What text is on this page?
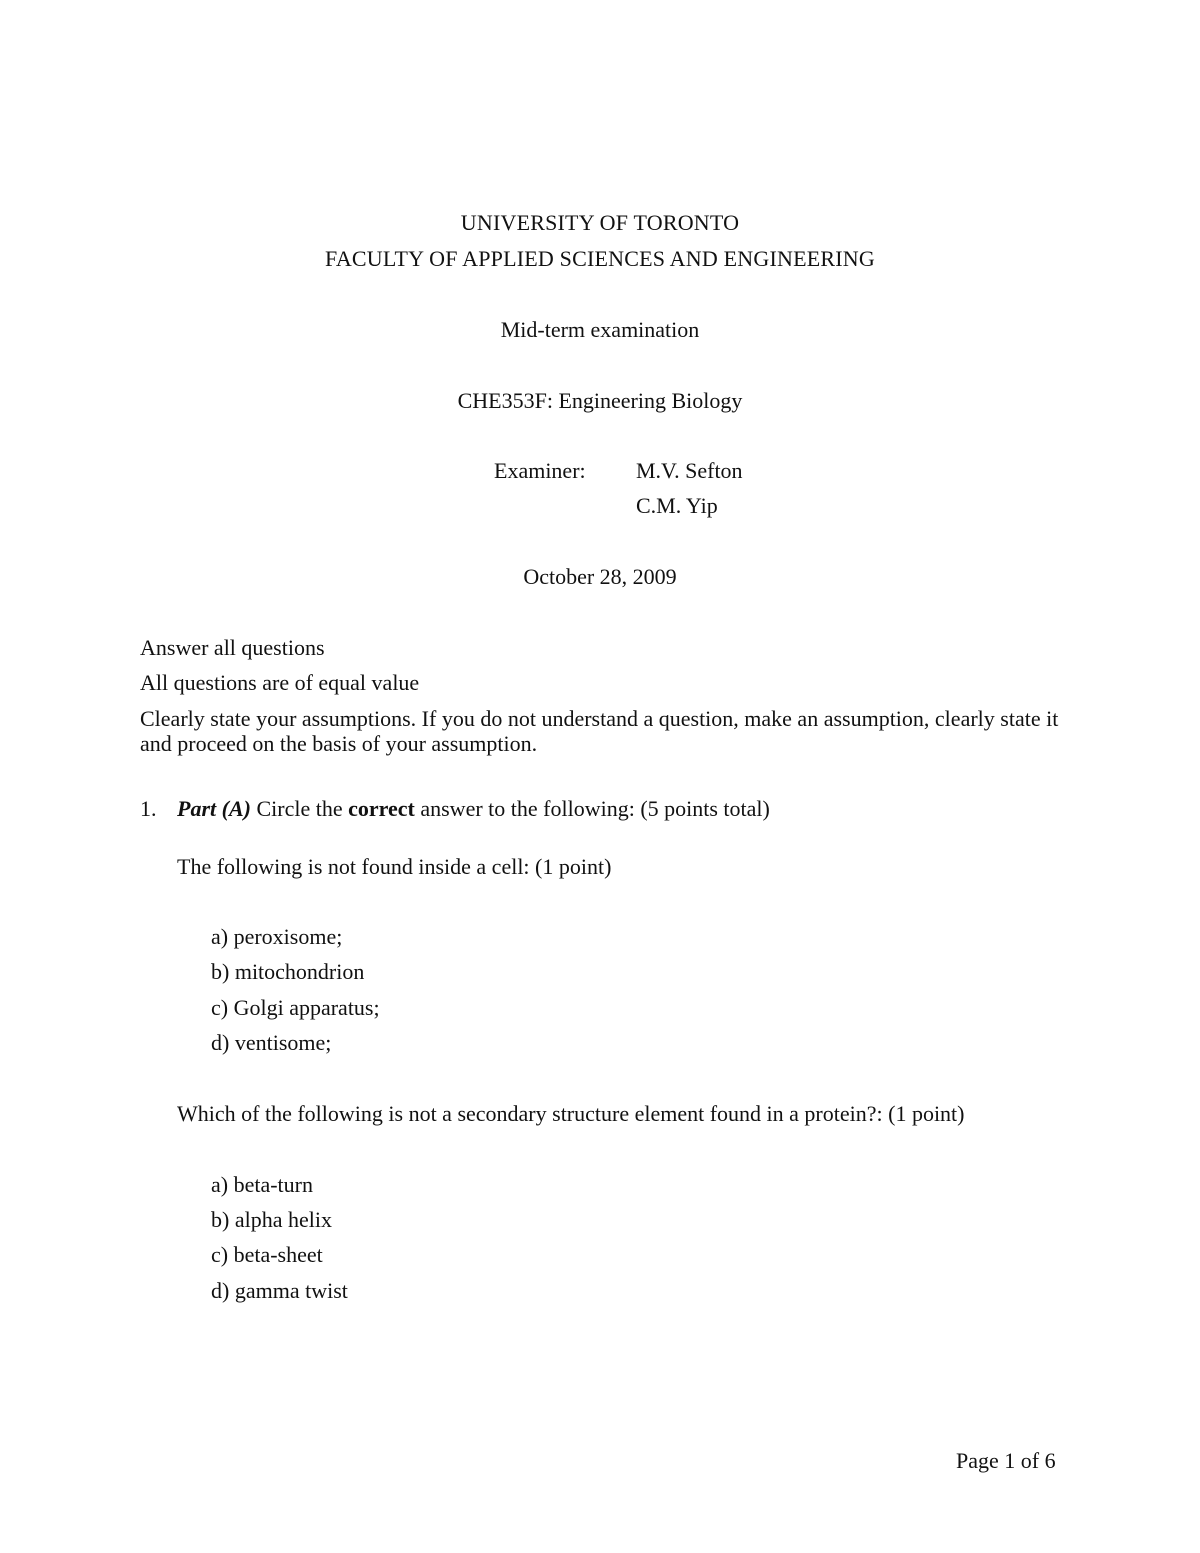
UNIVERSITY OF TORONTO
FACULTY OF APPLIED SCIENCES AND ENGINEERING
Mid-term examination
CHE353F: Engineering Biology
Examiner: M.V. Sefton
C.M. Yip
October 28, 2009
Answer all questions
All questions are of equal value
Clearly state your assumptions. If you do not understand a question, make an assumption, clearly state it and proceed on the basis of your assumption.
1. Part (A) Circle the correct answer to the following: (5 points total)
The following is not found inside a cell: (1 point)
a) peroxisome;
b) mitochondrion
c) Golgi apparatus;
d) ventisome;
Which of the following is not a secondary structure element found in a protein?: (1 point)
a) beta-turn
b) alpha helix
c) beta-sheet
d) gamma twist
Page 1 of 6
